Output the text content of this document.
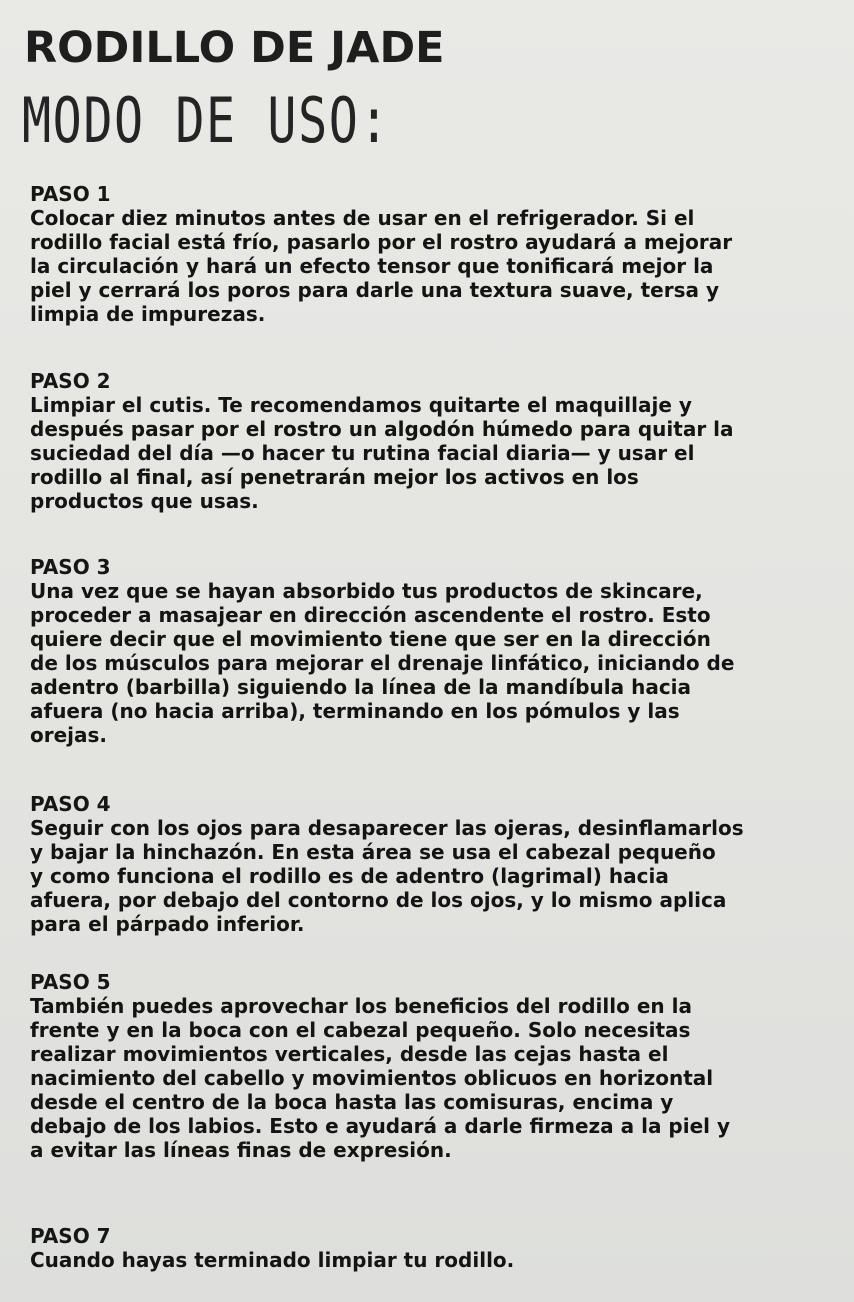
RODILLO DE JADE
MODO DE USO:
PASO 1

Colocar diez minutos antes de usar en el refrigerador. Si el
rodillo facial está frío, pasarlo por el rostro ayudará a mejorar
la circulación y hará un efecto tensor que tonificará mejor la
piel y cerrará los poros para darle una textura suave, tersa y
limpia de impurezas.

PASO 2

Limpiar el cutis. Te recomendamos quitarte el maquillaje y
después pasar por el rostro un algodón húmedo para quitar la
suciedad del día —o hacer tu rutina facial diaria— y usar el
rodillo al final, así penetrarán mejor los activos en los
productos que usas.

PASO 3

Una vez que se hayan absorbido tus productos de skincare,
proceder a masajear en dirección ascendente el rostro. Esto
quiere decir que el movimiento tiene que ser en la dirección
de los músculos para mejorar el drenaje linfático, iniciando de
adentro (barbilla) siguiendo la línea de la mandíbula hacia
afuera (no hacia arriba), terminando en los pómulos y las
orejas.

PASO 4

Seguir con los ojos para desaparecer las ojeras, desinflamarlos
y bajar la hinchazón. En esta área se usa el cabezal pequeño
y como funciona el rodillo es de adentro (lagrimal) hacia
afuera, por debajo del contorno de los ojos, y lo mismo aplica
para el párpado inferior.

PASO 5

También puedes aprovechar los beneficios del rodillo en la
frente y en la boca con el cabezal pequeño. Solo necesitas
realizar movimientos verticales, desde las cejas hasta el
nacimiento del cabello y movimientos oblicuos en horizontal
desde el centro de la boca hasta las comisuras, encima y
debajo de los labios. Esto e ayudará a darle firmeza a la piel y
a evitar las líneas finas de expresión.

PASO 7

Cuando hayas terminado limpiar tu rodillo.
